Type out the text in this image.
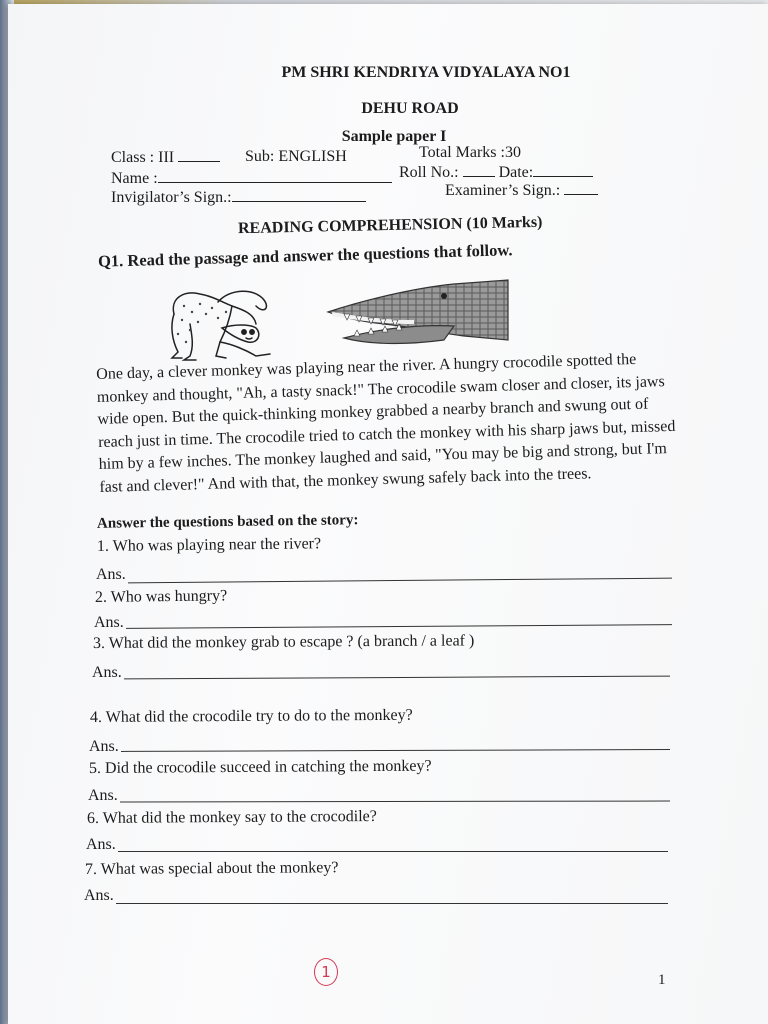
PM SHRI KENDRIYA VIDYALAYA NO1
DEHU ROAD
Sample paper I
Class : III	Sub: ENGLISH	Total Marks :30
Name :	Roll No.:	Date:
Invigilator’s Sign.:	Examiner’s Sign.:
READING COMPREHENSION (10 Marks)
Q1. Read the passage and answer the questions that follow.

One day, a clever monkey was playing near the river. A hungry crocodile spotted the monkey and thought, "Ah, a tasty snack!" The crocodile swam closer and closer, its jaws wide open. But the quick-thinking monkey grabbed a nearby branch and swung out of reach just in time. The crocodile tried to catch the monkey with his sharp jaws but, missed him by a few inches. The monkey laughed and said, "You may be big and strong, but I'm fast and clever!" And with that, the monkey swung safely back into the trees.

Answer the questions based on the story:
1. Who was playing near the river?
Ans.
2. Who was hungry?
Ans.
3. What did the monkey grab to escape ? (a branch / a leaf )
Ans.
4. What did the crocodile try to do to the monkey?
Ans.
5. Did the crocodile succeed in catching the monkey?
Ans.
6. What did the monkey say to the crocodile?
Ans.
7. What was special about the monkey?
Ans.
1	1
